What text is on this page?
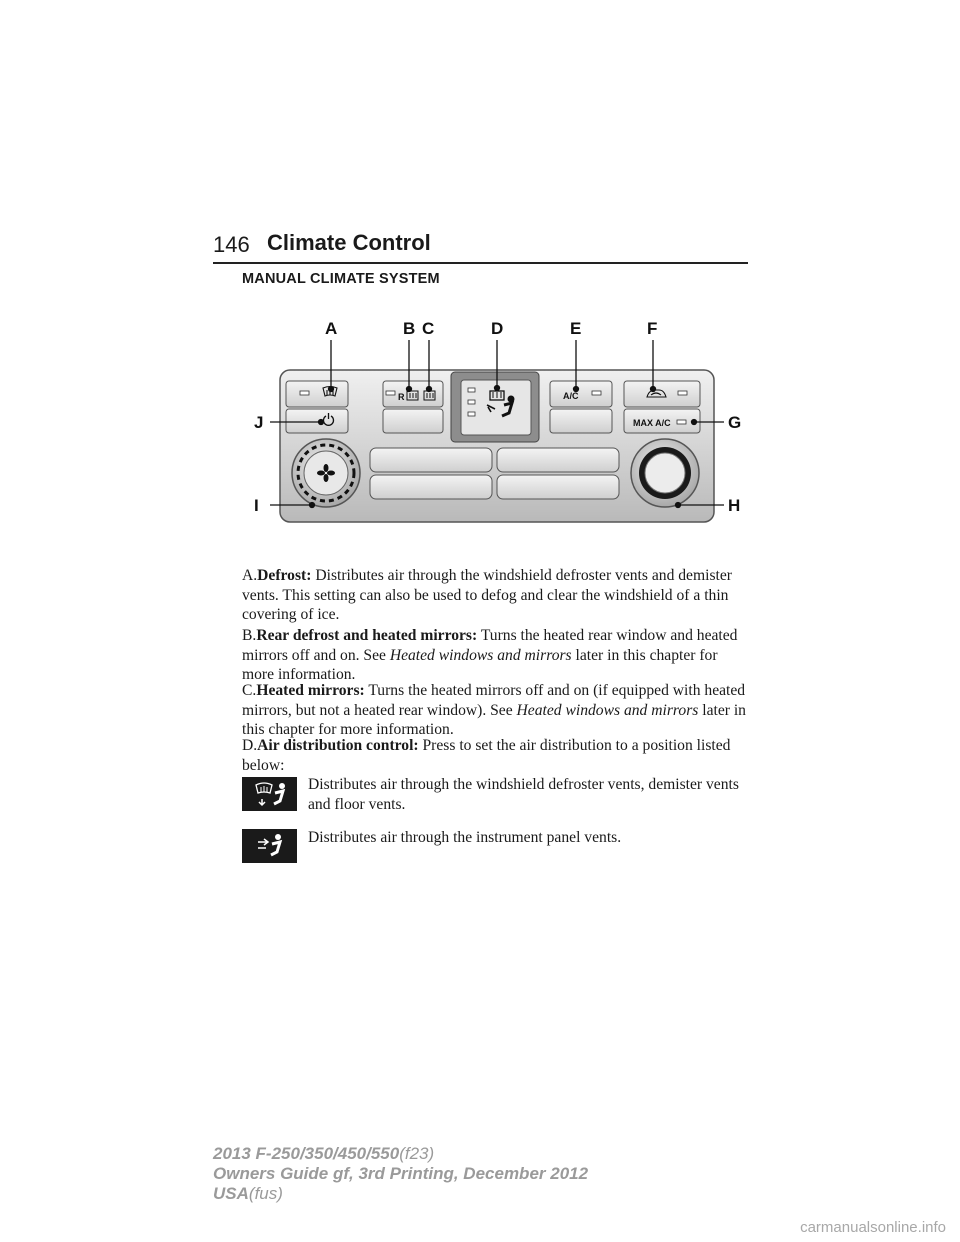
146 Climate Control
MANUAL CLIMATE SYSTEM
R	A/C
MAX A/C
A	B C	D	E	F
G
H
I
J
A.Defrost: Distributes air through the windshield defroster vents and demister vents. This setting can also be used to defog and clear the windshield of a thin covering of ice.
B.Rear defrost and heated mirrors: Turns the heated rear window and heated mirrors off and on. See Heated windows and mirrors later in this chapter for more information.
C.Heated mirrors: Turns the heated mirrors off and on (if equipped with heated mirrors, but not a heated rear window). See Heated windows and mirrors later in this chapter for more information.
D.Air distribution control: Press to set the air distribution to a position listed below:
Distributes air through the windshield defroster vents, demister vents and floor vents.
Distributes air through the instrument panel vents.
2013 F-250/350/450/550(f23)
Owners Guide gf, 3rd Printing, December 2012
USA(fus)
carmanualsonline.info
